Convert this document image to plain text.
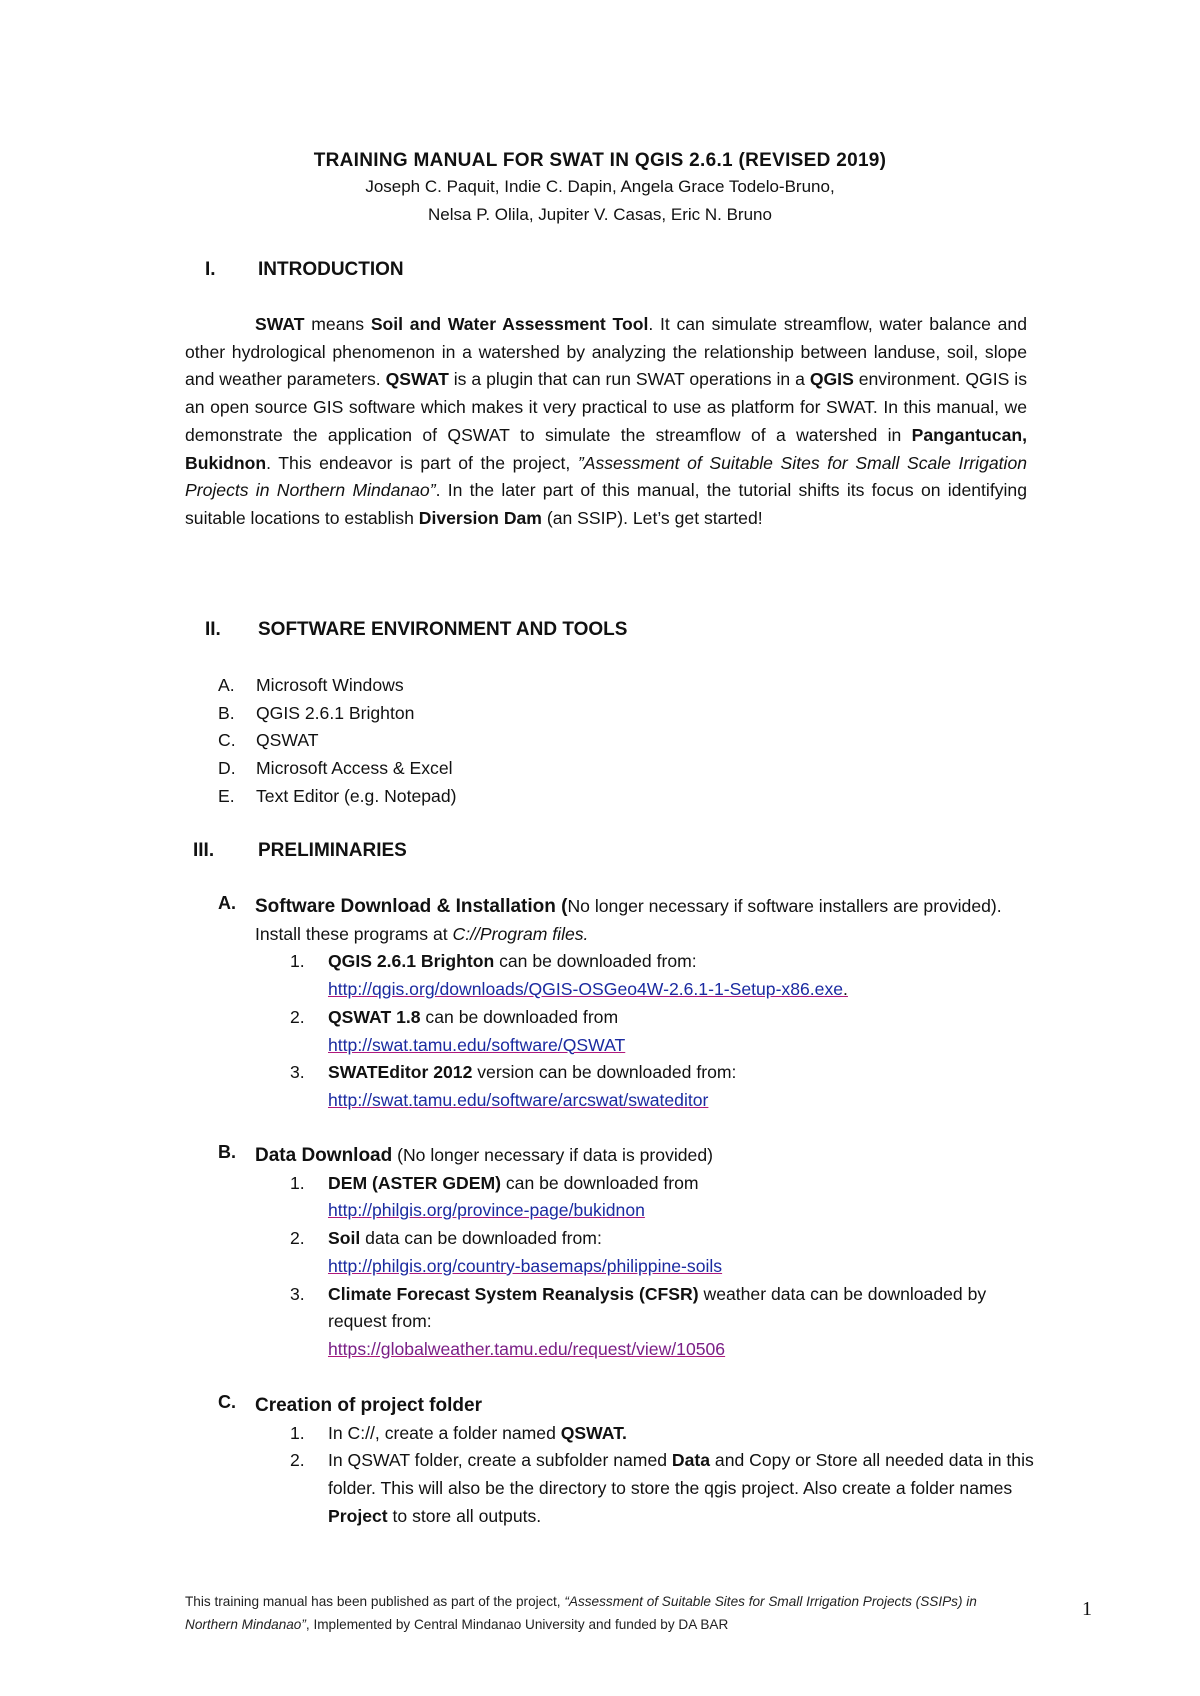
TRAINING MANUAL FOR SWAT IN QGIS 2.6.1 (REVISED 2019)
Joseph C. Paquit, Indie C. Dapin, Angela Grace Todelo-Bruno,
Nelsa P. Olila, Jupiter V. Casas, Eric N. Bruno
I. INTRODUCTION

SWAT means Soil and Water Assessment Tool. It can simulate streamflow, water balance and other hydrological phenomenon in a watershed by analyzing the relationship between landuse, soil, slope and weather parameters. QSWAT is a plugin that can run SWAT operations in a QGIS environment. QGIS is an open source GIS software which makes it very practical to use as platform for SWAT. In this manual, we demonstrate the application of QSWAT to simulate the streamflow of a watershed in Pangantucan, Bukidnon. This endeavor is part of the project, ”Assessment of Suitable Sites for Small Scale Irrigation Projects in Northern Mindanao”. In the later part of this manual, the tutorial shifts its focus on identifying suitable locations to establish Diversion Dam (an SSIP). Let’s get started!

II. SOFTWARE ENVIRONMENT AND TOOLS
A. Microsoft Windows
B. QGIS 2.6.1 Brighton
C. QSWAT
D. Microsoft Access & Excel
E. Text Editor (e.g. Notepad)
III. PRELIMINARIES
A. Software Download & Installation (No longer necessary if software installers are provided). Install these programs at C://Program files.
1. QGIS 2.6.1 Brighton can be downloaded from:
http://qgis.org/downloads/QGIS-OSGeo4W-2.6.1-1-Setup-x86.exe.
2. QSWAT 1.8 can be downloaded from
http://swat.tamu.edu/software/QSWAT
3. SWATEditor 2012 version can be downloaded from:
http://swat.tamu.edu/software/arcswat/swateditor
B. Data Download (No longer necessary if data is provided)
1. DEM (ASTER GDEM) can be downloaded from
http://philgis.org/province-page/bukidnon
2. Soil data can be downloaded from:
http://philgis.org/country-basemaps/philippine-soils
3. Climate Forecast System Reanalysis (CFSR) weather data can be downloaded by request from:
https://globalweather.tamu.edu/request/view/10506
C. Creation of project folder
1. In C://, create a folder named QSWAT.
2. In QSWAT folder, create a subfolder named Data and Copy or Store all needed data in this folder. This will also be the directory to store the qgis project. Also create a folder names Project to store all outputs.
This training manual has been published as part of the project, “Assessment of Suitable Sites for Small Irrigation Projects (SSIPs) in Northern Mindanao”, Implemented by Central Mindanao University and funded by DA BAR
1
